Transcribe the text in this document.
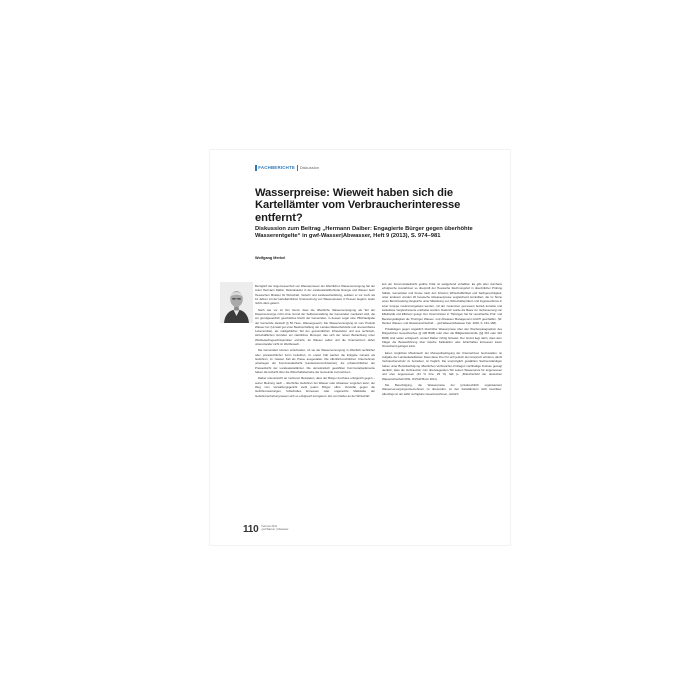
FACHBERICHTE Diskussion
Wasserpreise: Wieweit haben sich die Kartellämter vom Verbraucherinteresse entfernt?

Diskussion zum Beitrag „Hermann Daiber: Engagierte Bürger gegen überhöhte Wasserentgelte“ in gwf-Wasser|Abwasser, Heft 9 (2013), S. 974–981

Wolfgang Merkel

Bezüglich der Angemessenheit von Wasserpreisen der öffentlichen Wasserversorgung hat der Autor Hermann Daiber, Referatsleiter in der Landeskartellbehörde Energie und Wasser beim Hessischen Minister für Wirtschaft, Verkehr und Landesentwicklung, seitdem er vor mehr als 10 Jahren mit der kartellamtlichen Untersuchung von Wasserpreisen in Hessen begann, leider nichts dazu gelernt.

Nach wie vor ist ihm fremd, dass die öffentliche Wasserversorgung als Teil der Daseinsvorsorge nicht ohne Grund der Selbstverwaltung der Gemeinden zuerkannt wird, die ein grundgesetzlich geschütztes Recht der Gemeinden, in dessen sogar eine Pflichtaufgabe der Gemeinde darstellt (§ 50 Hess. Wassergesetz). Die Wasserversorgung ist vom Produkt Wasser her (Umwelt gut unter Bewirtschaftung der Landes-Wasserbehörde und unersetzbares Lebensmittel), als maßgeblicher Teil der gemeindlichen Infrastruktur und aus technisch-wirtschaftlichen Gründen ein natürliches Monopol, das sich der reinen Betrachtung unter Wettbewerbsgesichtspunkten entzieht, da Wasser selbst und die Unternehmen daher untereinander nicht im Wettbewerb.

Die Gemeinden können entscheiden, ob sie die Wasserversorgung in öffentlich-rechtlicher oder privatrechtlicher Form betreiben; im ersten Fall werden die Entgelte zumeist als Gebühren, im zweiten Fall als Preise ausgestaltet. Die öffentlich-rechtlichen Unternehmen unterliegen der Kommunalaufsicht (Landesinnenministerien), die privatrechtlichen der Preisaufsicht der Landeskartellämter. Die demokratisch gewählten Kommunalparlamente haben die Aufsicht über die Wirtschaftsbetriebe der Gemeinde zuzunehmen.

Daiber unterstreicht an mehreren Beispielen, dass der Bürger durchaus erfolgreich gegen – seiner Meinung nach – überhöhte Gebühren bei Wasser oder Abwasser vorgehen kann; der Weg zum Verwaltungsgericht steht jedem Bürger offen. Verstöße gegen die Gebührensatzungen, fehlerhaftes Ermessen oder ungerechte Maßstäbe der Gebührenerhebung lassen sich so erfolgreich korrigieren. Ein von Daiber an der Wirtschaft-

keit der Kommunalaufsicht geübte Kritik ist weitgehend unhaltbar. Es gibt aber durchaus erfolgreiche Ausnahmen so überprüft der Hessische Rechnungshof in überörtlicher Prüfung Städte, Gemeinden und Kreise nach den Kriterien Wirtschaftlichkeit und Sachgerechtigkeit, unter anderem wurden 20 hessische Abwasserpreise vergleichend kontrolliert, die im Sinne eines Benchmarking-Vergleichs unter Mitwirkung von Wirtschaftsprüfern und Ingenieurbüros in einer Gruppe zusammengefasst wurden, mit der zusammen gemessen betrieb korrekte und belastbare Vergleichswerte erarbeitet wurden. Dadurch wurde die Basis zur Verbesserung von Effektivität und Effizienz gelegt. Der Innenminister in Thüringen hat für vereinfachte Prüf- und Beratungstätigkeit die Thüringer Wasser- und Abwasser Management GmbH geschaffen. (W. Merkel: Wasser- und Abwasserwirtschaft ... gwf-Wasser|Abwasser Feb. 2006, S. 164–168).

Privatklagen gegen angeblich überhöhte Wasserpreise über den Wucherparagraphen des Bürgerlichen Gesetzbuches (§ 138 BGB) oder über die Billigkeitskontrolle (§§ 315 oder 316 BGB) sind selten erfolgreich, worauf Daiber richtig hinweist. Der Grund liegt darin, dass dem Kläger die Beweisführung über falsche Kalkulation oder fehlerhaftes Ermessen kaum hinreichend gelingen kann.

Einen möglichen Missbrauch der Monopolbedingung der Unternehmen festzustellen, ist Aufgabe der Landeskartellämter. Dass diese ihrer für sich jedoch den Anspruch erhoben, damit Verbraucherschutz zu betreiben, ist fraglich. Die ursprünglich gewählten Sachverständigen haben unter Berücksichtigung öffentlichen Verbraucher-Umfragen nachhaltige Institute gezeigt deutlich, dass die Verbraucher zum überwiegenden Teil seinen Wasserpreis für angemessen und eher angemessen (43 % bzw. 29 %) hält (s. „Branchenbild der deutschen Wasserwirtschaft 2011, WVGW Bonn 2011).

Die Berechtigung, die Wasserpreise der (privatrechtlich organisierten) Wasserversorgungsunternehmen zu überprüfen, ist den Kartellämtern nicht bestritten. Allerdings ist der dafür verfügbare Gesetzesrahmen, nämlich

110 Februar 2014
gwf-Wasser | Abwasser
